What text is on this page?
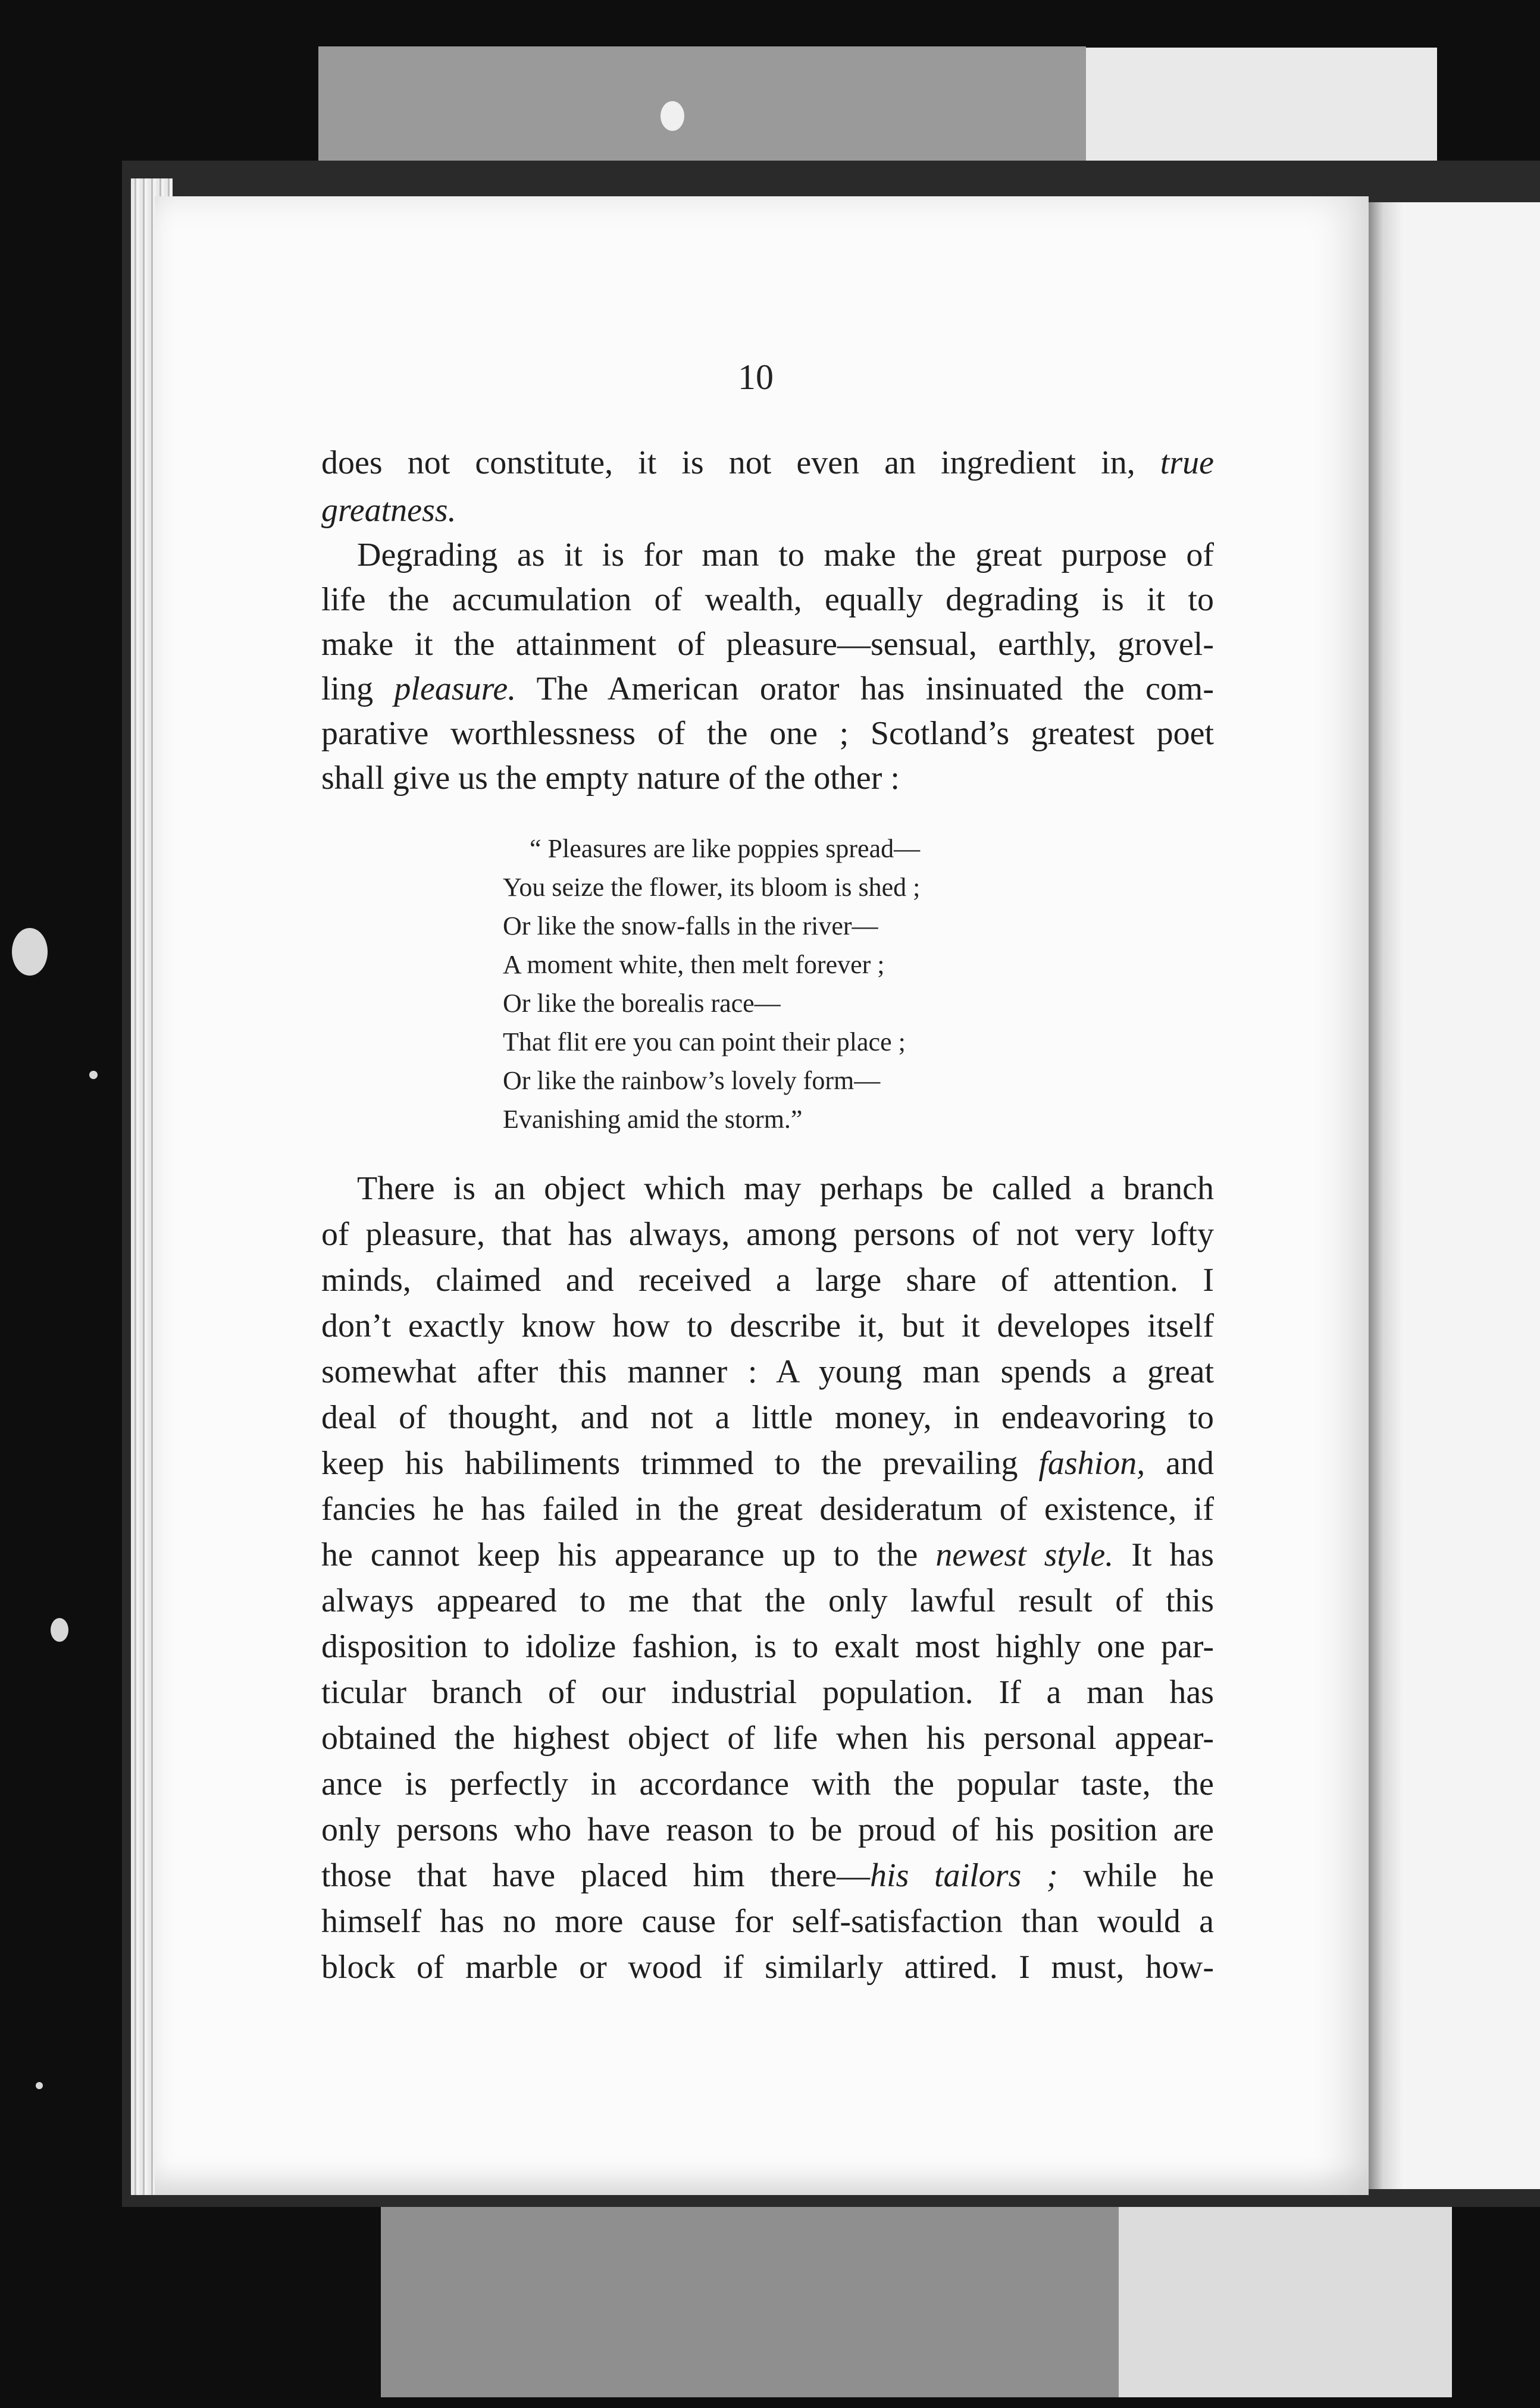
10
does not constitute, it is not even an ingredient in, true
greatness.
Degrading as it is for man to make the great purpose of
life the accumulation of wealth, equally degrading is it to
make it the attainment of pleasure—sensual, earthly, grovel-
ling pleasure. The American orator has insinuated the com-
parative worthlessness of the one ; Scotland’s greatest poet
shall give us the empty nature of the other :
“ Pleasures are like poppies spread—
You seize the flower, its bloom is shed ;
Or like the snow-falls in the river—
A moment white, then melt forever ;
Or like the borealis race—
That flit ere you can point their place ;
Or like the rainbow’s lovely form—
Evanishing amid the storm.”
There is an object which may perhaps be called a branch
of pleasure, that has always, among persons of not very lofty
minds, claimed and received a large share of attention. I
don’t exactly know how to describe it, but it developes itself
somewhat after this manner : A young man spends a great
deal of thought, and not a little money, in endeavoring to
keep his habiliments trimmed to the prevailing fashion, and
fancies he has failed in the great desideratum of existence, if
he cannot keep his appearance up to the newest style. It has
always appeared to me that the only lawful result of this
disposition to idolize fashion, is to exalt most highly one par-
ticular branch of our industrial population. If a man has
obtained the highest object of life when his personal appear-
ance is perfectly in accordance with the popular taste, the
only persons who have reason to be proud of his position are
those that have placed him there—his tailors ; while he
himself has no more cause for self-satisfaction than would a
block of marble or wood if similarly attired. I must, how-
